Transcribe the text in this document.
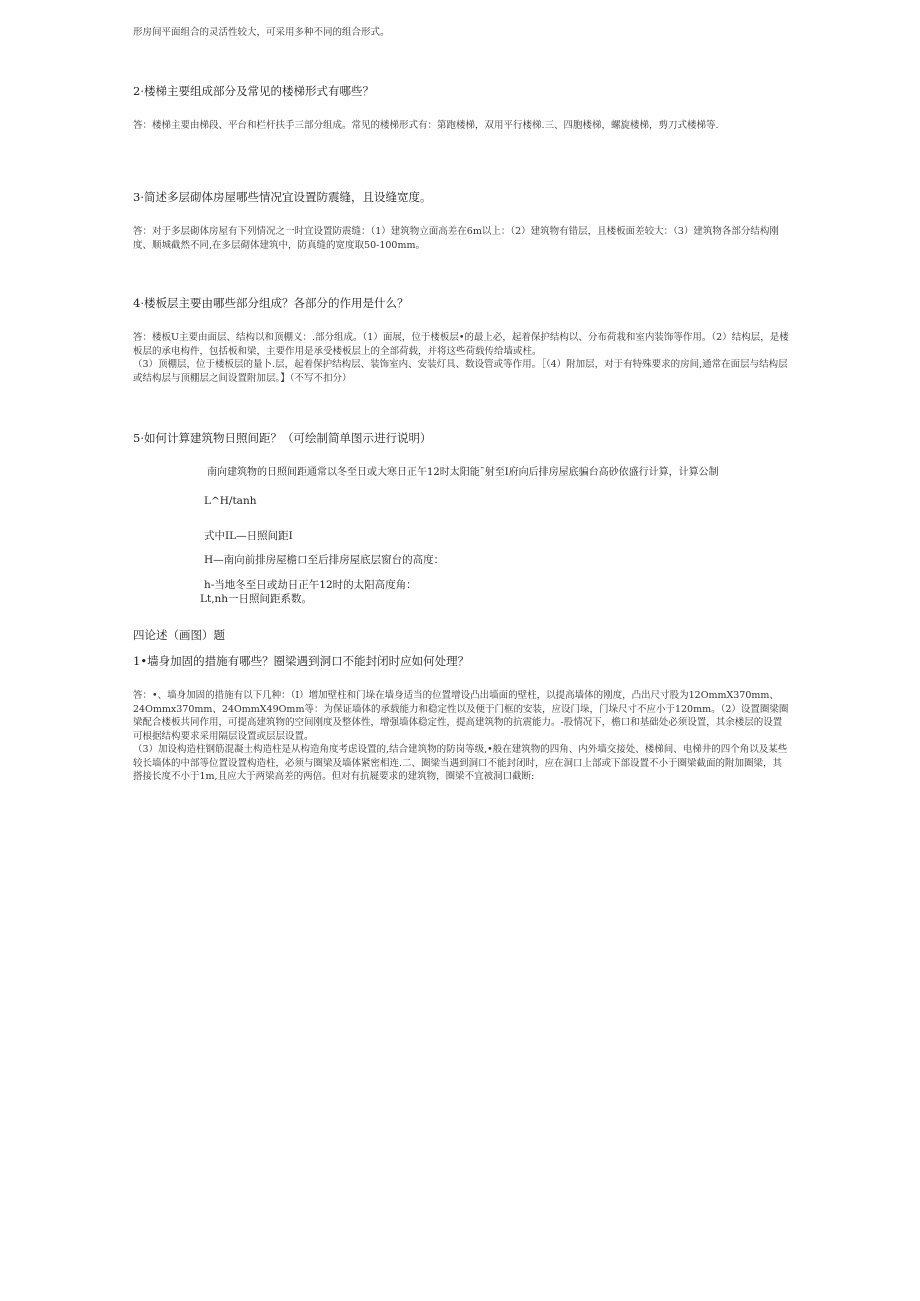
形房间平面组合的灵活性较大，可采用多种不同的组合形式。

2·楼梯主要组成部分及常见的楼梯形式有哪些？

答：楼梯主要由梯段、平台和栏杆扶手三部分组成。常见的楼梯形式有：第跑楼梯，双用平行楼梯.三、四胞楼梯，螺旋楼梯，剪刀式楼梯等.

3·简述多层砌体房屋哪些情况宜设置防震缝，且设缝宽度。

答：对于多层砌体房屋有下列情况之一时宜设置防震缝：（1）建筑物立面高差在6m以上：（2）建筑物有错层，且楼板面差较大：（3）建筑物各部分结构刚度、顺城截然不同,在多层砌体建筑中，防真缝的宽度取50-100mm。

4·楼板层主要由哪些部分组成？各部分的作用是什么？

答：楼板U主要由面层、结构以和顶棚义：.部分组成。（1）面展，位于楼板层•的最上必，起着保护结构以、分布荷栽和室内装饰等作用。（2）结构层，是楼板层的承电构件，包括板和梁，主要作用是承受楼板层上的全部荷载，并将这些荷载传给墙或柱。

（3）顶棚层，位于楼板层的量卜.层，起着保护结构层、装饰室内、安装灯具、数设管或等作用。［（4）附加层，对于有特殊要求的房间,通常在面层与结构层或结构层与顶棚层之间设置附加层。】（不写不扣分）

5·如何计算建筑物日照间距？（可绘制简单图示进行说明）

南向建筑物的日照间距通常以冬至日或大寒日正午12时太阳能ˉ射至I府向后排房屋底骗台高砂依盛行计算，计算公制

L^H∕tanh

式中IL—日照间距I

H—南向前排房屋檐口至后排房屋底层窗台的高度：

h-当地冬至日或劫日正午12时的太阳高度角：

Lt,nh一日照间距系数。

四论述（画图）题

1•墙身加固的措施有哪些？圈梁遇到洞口不能封闭时应如何处理？

答：•、墙身加固的措施有以下几种：（I）增加壁柱和门垛在墙身适当的位置增设凸出墙面的壁柱，以提高墙体的刚度，凸出尺寸股为12OmmX370mm、24Ommx370mm、24OmmX49Omm等：为保证墙体的承载能力和稳定性以及便于门框的安装，应设门垛，门垛尺寸不应小于120mm。（2）设置圈梁圈梁配合楼板共同作用，可提高建筑物的空间刚度及整体性，增强墙体稳定性，提高建筑物的抗震能力。-股情况下，檐口和基础处必须设置，其余楼层的设置可根据结构要求采用隔层设置或层层设置。

（3）加设构造柱钢筋混凝土构造柱是从构造角度考虑设置的,结合建筑物的防岗等级,•般在建筑物的四角、内外墙交接处、楼梯间、电梯井的四个角以及某些较长墙体的中部等位置设置构造柱，必须与圈梁及墙体紧密相连.二、圈梁当遇到洞口不能封闭时，应在洞口上部或下部设置不小于圈梁截面的附加圈梁，其搭接长度不小于1m,且应大于两梁高差的两倍。但对有抗屣要求的建筑物，圈梁不宜被洞口截断:
